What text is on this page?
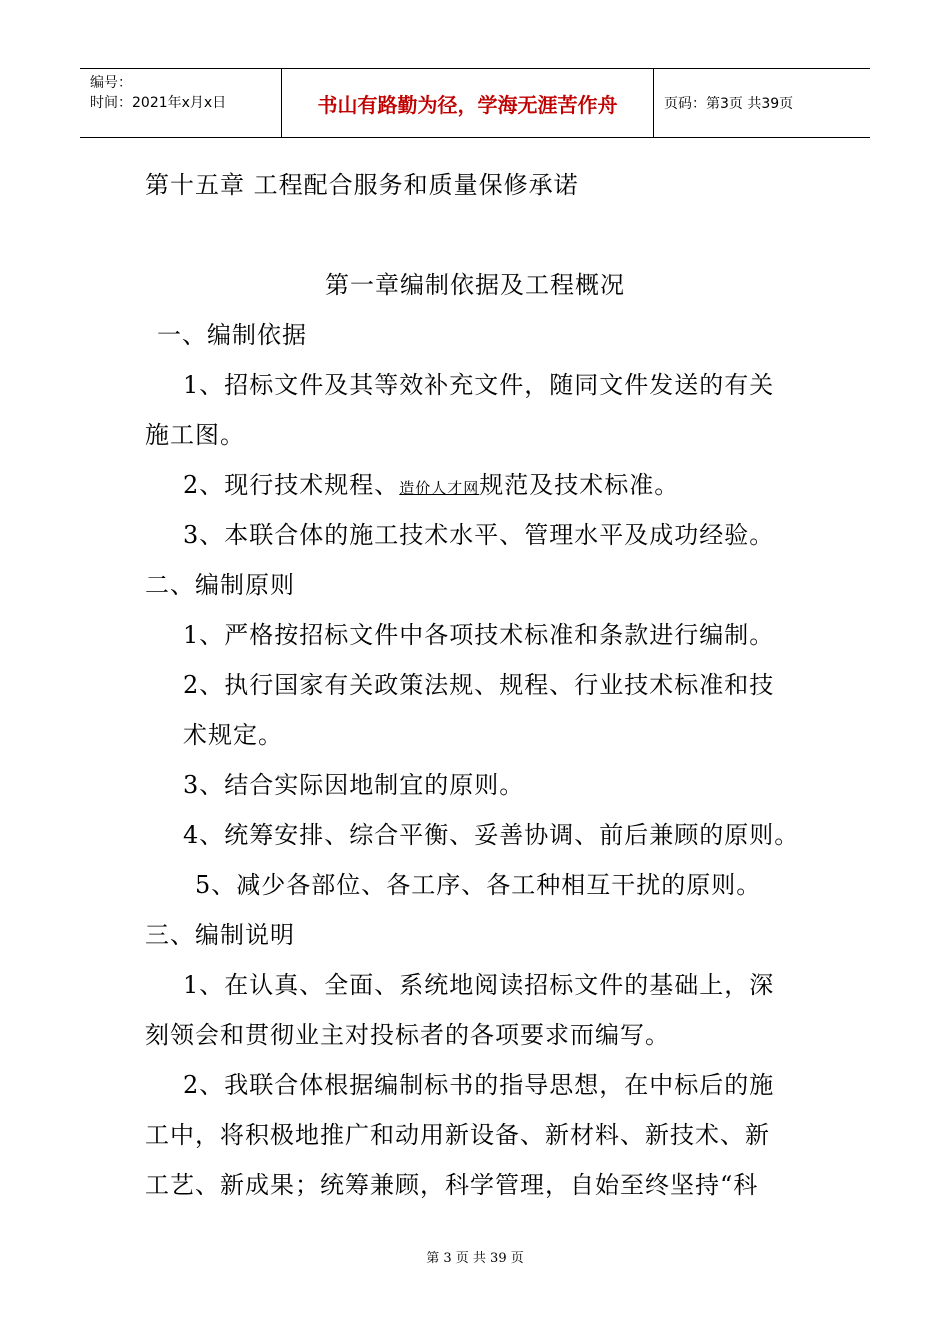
编号：
时间：2021年x月x日	书山有路勤为径，学海无涯苦作舟	页码：第3页 共39页
第十五章 工程配合服务和质量保修承诺
第一章编制依据及工程概况
一、编制依据
1、招标文件及其等效补充文件，随同文件发送的有关
施工图。
2、现行技术规程、造价人才网规范及技术标准。
3、本联合体的施工技术水平、管理水平及成功经验。
二、编制原则
1、严格按招标文件中各项技术标准和条款进行编制。
2、执行国家有关政策法规、规程、行业技术标准和技
术规定。
3、结合实际因地制宜的原则。
4、统筹安排、综合平衡、妥善协调、前后兼顾的原则。
5、减少各部位、各工序、各工种相互干扰的原则。
三、编制说明
1、在认真、全面、系统地阅读招标文件的基础上，深
刻领会和贯彻业主对投标者的各项要求而编写。
2、我联合体根据编制标书的指导思想，在中标后的施
工中，将积极地推广和动用新设备、新材料、新技术、新
工艺、新成果；统筹兼顾，科学管理，自始至终坚持“科
第 3 页 共 39 页
